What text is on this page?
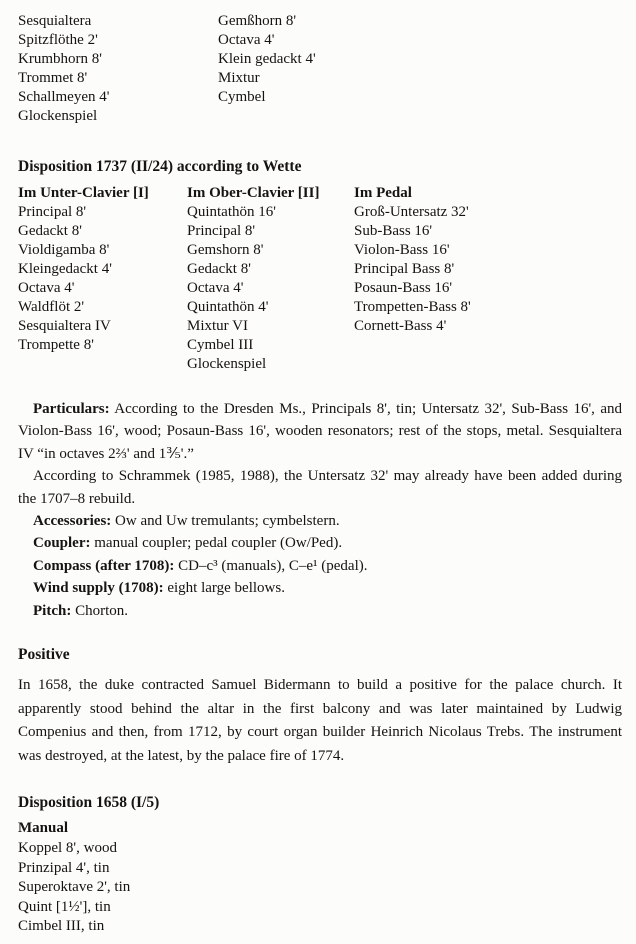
Sesquialtera
Spitzflöthe 2'
Krumbhorn 8'
Trommet 8'
Schallmeyen 4'
Glockenspiel
Gemßhorn 8'
Octava 4'
Klein gedackt 4'
Mixtur
Cymbel
Disposition 1737 (II/24) according to Wette
Im Unter-Clavier [I]
Principal 8'
Gedackt 8'
Violdigamba 8'
Kleingedackt 4'
Octava 4'
Waldflöt 2'
Sesquialtera IV
Trompette 8'
Im Ober-Clavier [II]
Quintathön 16'
Principal 8'
Gemshorn 8'
Gedackt 8'
Octava 4'
Quintathön 4'
Mixtur VI
Cymbel III
Glockenspiel
Im Pedal
Groß-Untersatz 32'
Sub-Bass 16'
Violon-Bass 16'
Principal Bass 8'
Posaun-Bass 16'
Trompetten-Bass 8'
Cornett-Bass 4'
Particulars: According to the Dresden Ms., Principals 8', tin; Untersatz 32', Sub-Bass 16', and Violon-Bass 16', wood; Posaun-Bass 16', wooden resonators; rest of the stops, metal. Sesquialtera IV “in octaves 2⅔' and 1⅗'.”
According to Schrammek (1985, 1988), the Untersatz 32' may already have been added during the 1707–8 rebuild.
Accessories: Ow and Uw tremulants; cymbelstern.
Coupler: manual coupler; pedal coupler (Ow/Ped).
Compass (after 1708): CD–c³ (manuals), C–e¹ (pedal).
Wind supply (1708): eight large bellows.
Pitch: Chorton.
Positive
In 1658, the duke contracted Samuel Bidermann to build a positive for the palace church. It apparently stood behind the altar in the first balcony and was later maintained by Ludwig Compenius and then, from 1712, by court organ builder Heinrich Nicolaus Trebs. The instrument was destroyed, at the latest, by the palace fire of 1774.
Disposition 1658 (I/5)
Manual
Koppel 8', wood
Prinzipal 4', tin
Superoktave 2', tin
Quint [1½'], tin
Cimbel III, tin
